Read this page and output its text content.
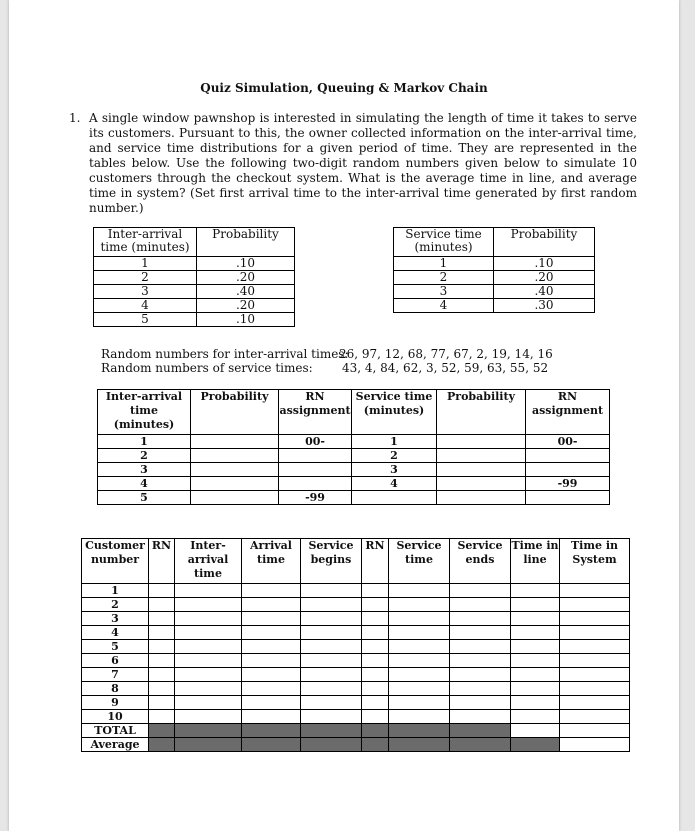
Quiz Simulation, Queuing & Markov Chain
1. A single window pawnshop is interested in simulating the length of time it takes to serve its customers. Pursuant to this, the owner collected information on the inter-arrival time, and service time distributions for a given period of time. They are represented in the tables below. Use the following two-digit random numbers given below to simulate 10 customers through the checkout system. What is the average time in line, and average time in system? (Set first arrival time to the inter-arrival time generated by first random number.)
Inter-arrival time (minutes)	Probability
1	.10
2	.20
3	.40
4	.20
5	.10
Service time (minutes)	Probability
1	.10
2	.20
3	.40
4	.30
Random numbers for inter-arrival times:
26, 97, 12, 68, 77, 67, 2, 19, 14, 16
Random numbers of service times: 43, 4, 84, 62, 3, 52, 59, 63, 55, 52
Inter-arrival time (minutes)	Probability	RN assignment	Service time (minutes)	Probability	RN assignment
1		00-	1		00-
2			2		
3			3		
4			4		-99
5		-99			
Customer number	RN	Inter-arrival time	Arrival time	Service begins	RN	Service time	Service ends	Time in line	Time in System
1									
2									
3									
4									
5									
6									
7									
8									
9									
10									
TOTAL									
Average									
